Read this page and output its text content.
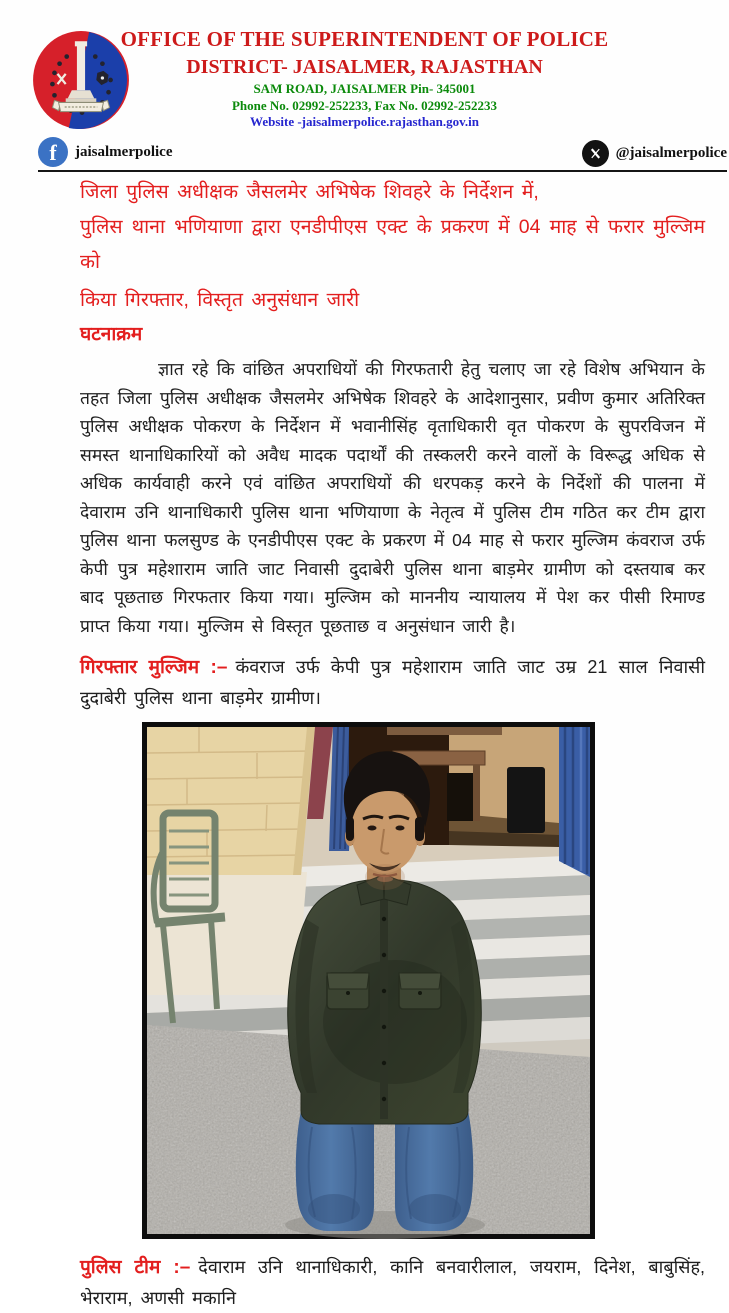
OFFICE OF THE SUPERINTENDENT OF POLICE
DISTRICT- JAISALMER, RAJASTHAN
SAM ROAD, JAISALMER Pin- 345001
Phone No. 02992-252233, Fax No. 02992-252233
Website -jaisalmerpolice.rajasthan.gov.in
f jaisalmerpolice	@jaisalmerpolice
जिला पुलिस अधीक्षक जैसलमेर अभिषेक शिवहरे के निर्देशन में,
पुलिस थाना भणियाणा द्वारा एनडीपीएस एक्ट के प्रकरण में 04 माह से फरार मुल्जिम को
किया गिरफ्तार, विस्तृत अनुसंधान जारी
घटनाक्रम

ज्ञात रहे कि वांछित अपराधियों की गिरफतारी हेतु चलाए जा रहे विशेष अभियान के तहत जिला पुलिस अधीक्षक जैसलमेर अभिषेक शिवहरे के आदेशानुसार, प्रवीण कुमार अतिरिक्त पुलिस अधीक्षक पोकरण के निर्देशन में भवानीसिंह वृताधिकारी वृत पोकरण के सुपरविजन में समस्त थानाधिकारियों को अवैध मादक पदार्थों की तस्कलरी करने वालों के विरूद्ध अधिक से अधिक कार्यवाही करने एवं वांछित अपराधियों की धरपकड़ करने के निर्देशों की पालना में देवाराम उनि थानाधिकारी पुलिस थाना भणियाणा के नेतृत्व में पुलिस टीम गठित कर टीम द्वारा पुलिस थाना फलसुण्ड के एनडीपीएस एक्ट के प्रकरण में 04 माह से फरार मुल्जिम कंवराज उर्फ केपी पुत्र महेशाराम जाति जाट निवासी दुदाबेरी पुलिस थाना बाड़मेर ग्रामीण को दस्तयाब कर बाद पूछताछ गिरफतार किया गया। मुल्जिम को माननीय न्यायालय में पेश कर पीसी रिमाण्ड प्राप्त किया गया। मुल्जिम से विस्तृत पूछताछ व अनुसंधान जारी है।

गिरफ्तार मुल्जिम :– कंवराज उर्फ केपी पुत्र महेशाराम जाति जाट उम्र 21 साल निवासी दुदाबेरी पुलिस थाना बाड़मेर ग्रामीण।

पुलिस टीम :– देवाराम उनि थानाधिकारी, कानि बनवारीलाल, जयराम, दिनेश, बाबुसिंह, भेराराम, अणसी मकानि
